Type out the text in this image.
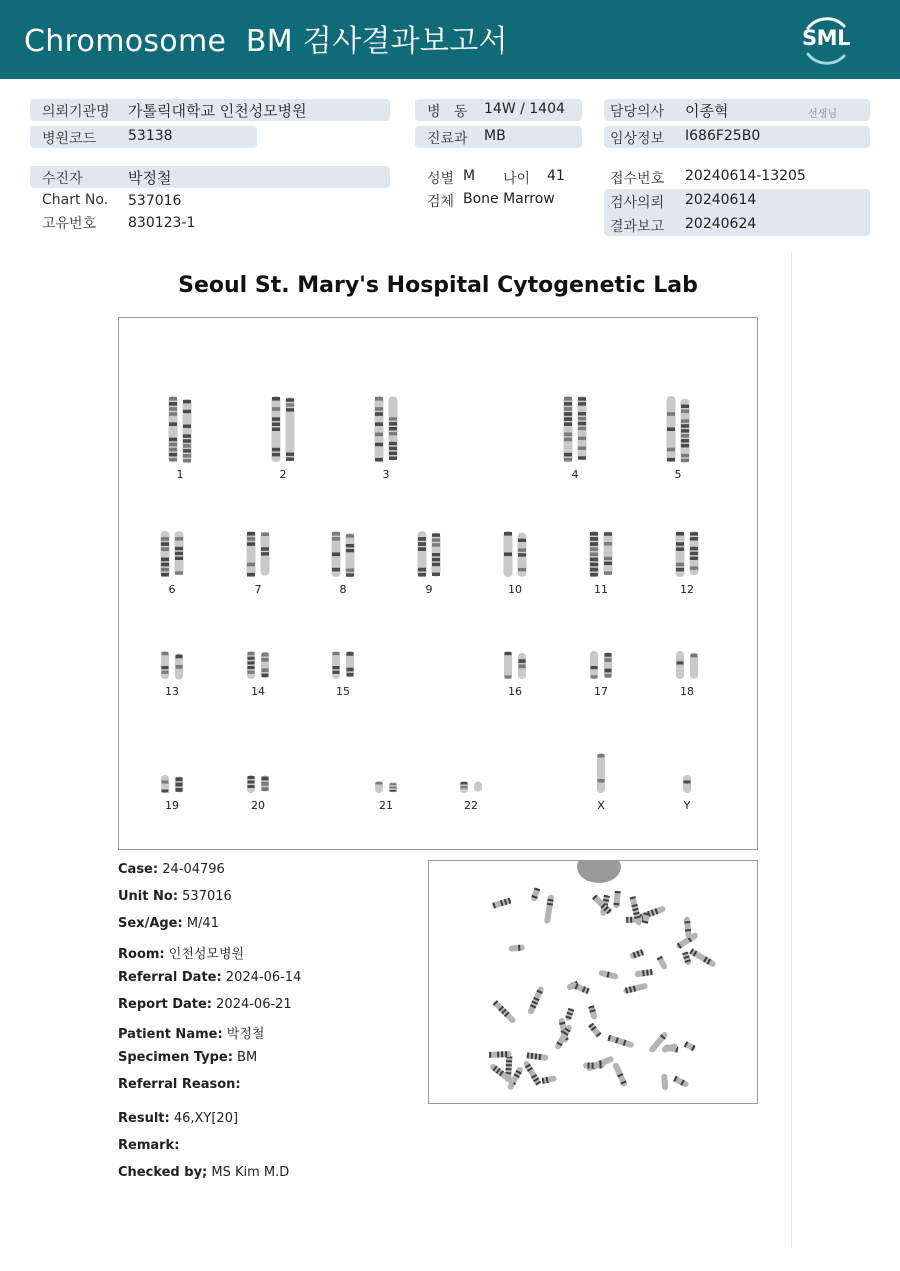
Chromosome  BM 검사결과보고서	SML
의뢰기관명 가톨릭대학교 인천성모병원
병원코드 53138
병   동 14W / 1404
진료과 MB
담당의사 이종혁	선생님
임상정보 I686F25B0
수진자	박정철
Chart No. 537016
고유번호 830123-1
성별 M 나이 41
검체 Bone Marrow
접수번호 20240614-13205
검사의뢰 20240614
결과보고 20240624
Seoul St. Mary's Hospital Cytogenetic Lab
1	2	3	4	5
6	7	8	9	10	11	12
13	14	15	16	17	18
19	20	21	22	X	Y
Case: 24-04796
Unit No: 537016
Sex/Age: M/41
Room: 인천성모병원
Referral Date: 2024-06-14
Report Date: 2024-06-21
Patient Name: 박정철
Specimen Type: BM
Referral Reason:
Result: 46,XY[20]
Remark:
Checked by; MS Kim M.D
